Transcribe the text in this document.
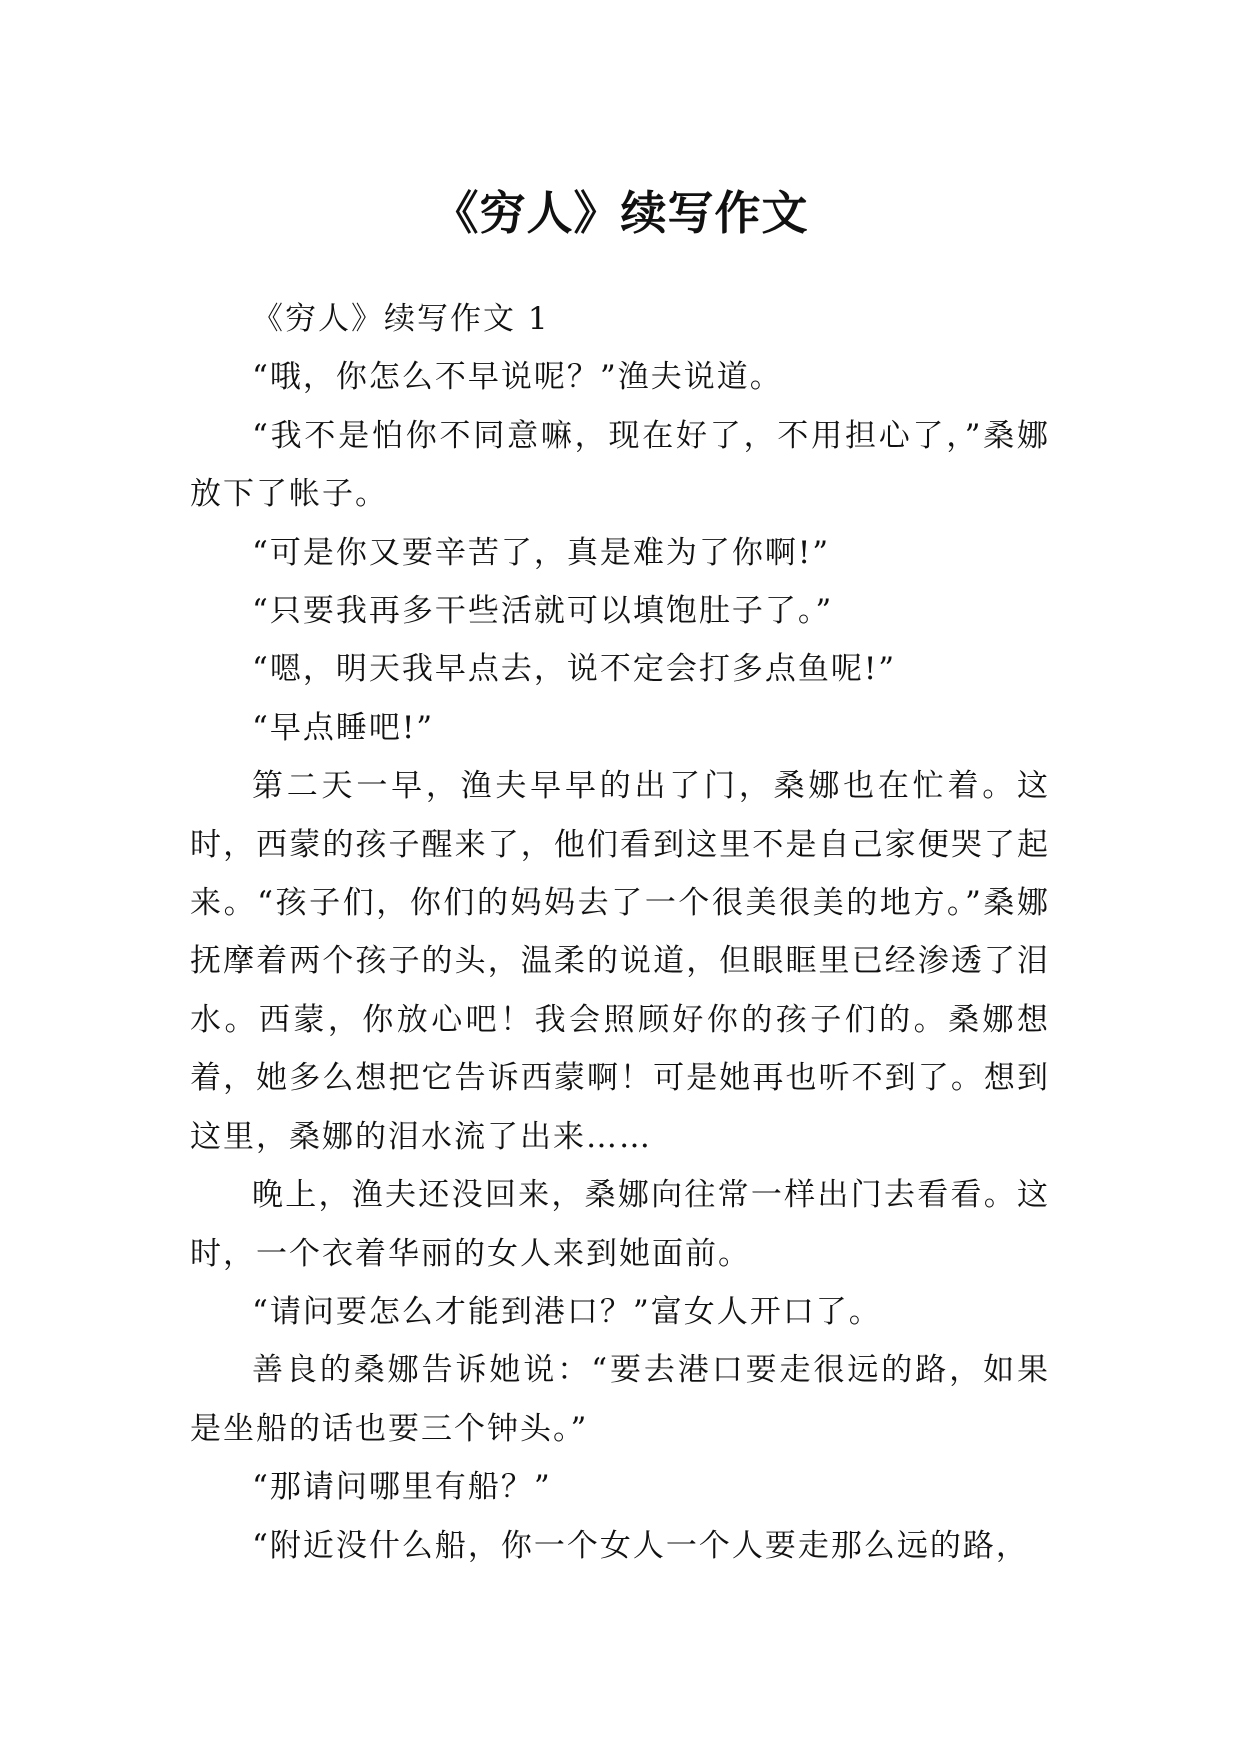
《穷人》续写作文

《穷人》续写作文 1

“哦，你怎么不早说呢？”渔夫说道。

“我不是怕你不同意嘛，现在好了，不用担心了，”桑娜放下了帐子。

“可是你又要辛苦了，真是难为了你啊!”

“只要我再多干些活就可以填饱肚子了。”

“嗯，明天我早点去，说不定会打多点鱼呢!”

“早点睡吧!”

第二天一早，渔夫早早的出了门，桑娜也在忙着。这时，西蒙的孩子醒来了，他们看到这里不是自己家便哭了起来。“孩子们，你们的妈妈去了一个很美很美的地方。”桑娜抚摩着两个孩子的头，温柔的说道，但眼眶里已经渗透了泪水。西蒙，你放心吧！我会照顾好你的孩子们的。桑娜想着，她多么想把它告诉西蒙啊！可是她再也听不到了。想到这里，桑娜的泪水流了出来……

晚上，渔夫还没回来，桑娜向往常一样出门去看看。这时，一个衣着华丽的女人来到她面前。

“请问要怎么才能到港口？”富女人开口了。

善良的桑娜告诉她说：“要去港口要走很远的路，如果是坐船的话也要三个钟头。”

“那请问哪里有船？”

“附近没什么船，你一个女人一个人要走那么远的路，
